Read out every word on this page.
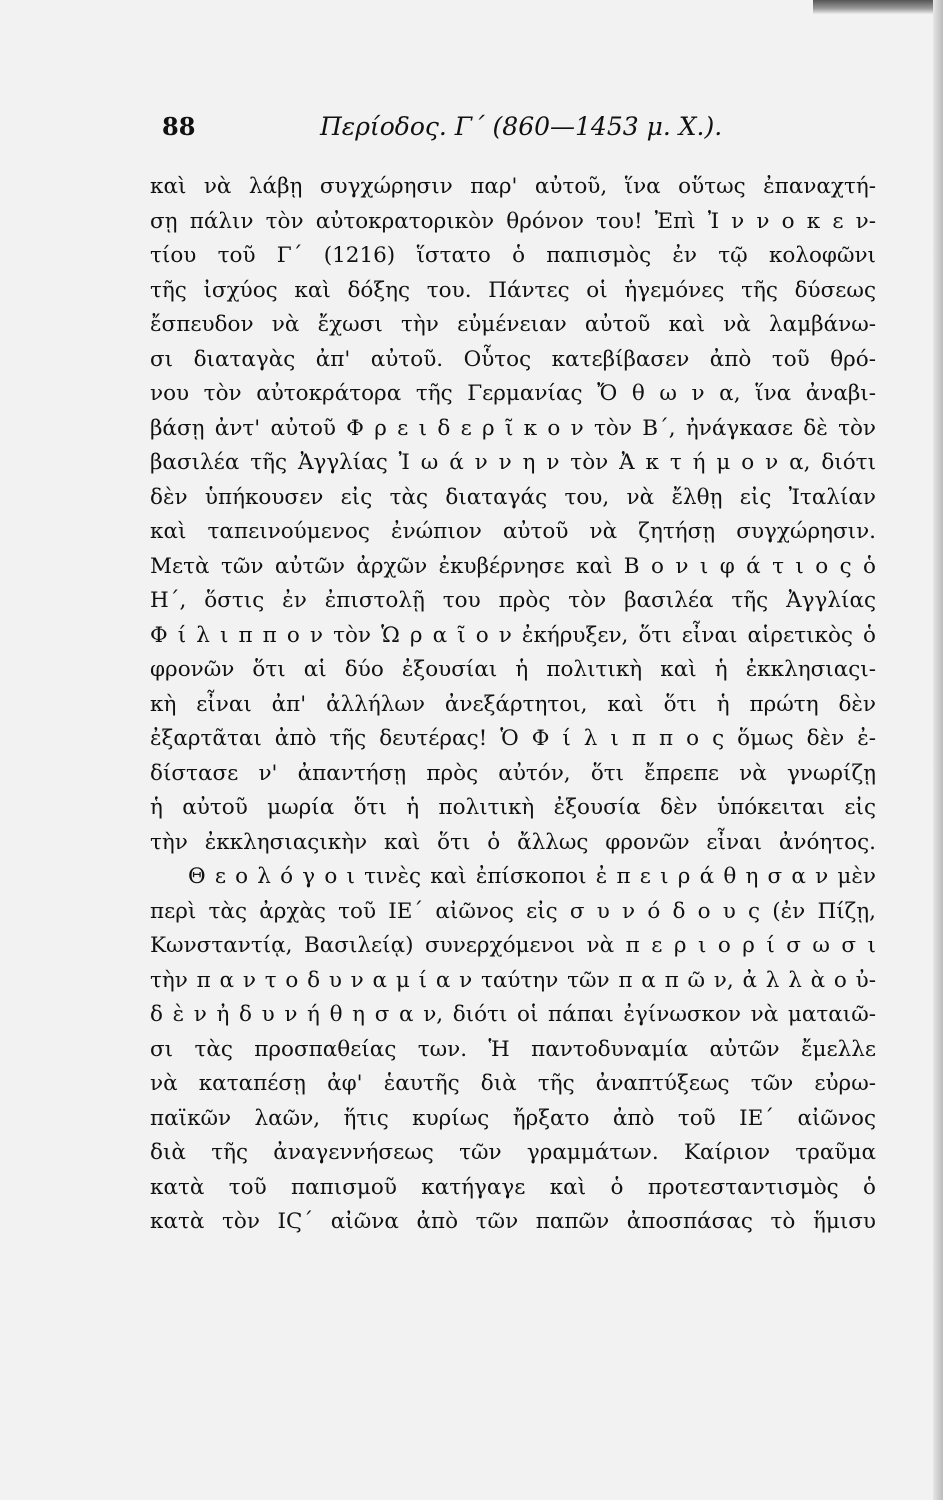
88	Περίοδος. Γ΄ (860—1453 μ. Χ.).
καὶ νὰ λάβῃ συγχώρησιν παρ' αὐτοῦ, ἵνα οὕτως ἐπαναχτή-
σῃ πάλιν τὸν αὐτοκρατορικὸν θρόνον του! Ἐπὶ Ἰ ν ν ο κ ε ν-
τίου τοῦ Γ΄ (1216) ἵστατο ὁ παπισμὸς ἐν τῷ κολοφῶνι
τῆς ἰσχύος καὶ δόξης του. Πάντες οἱ ἡγεμόνες τῆς δύσεως
ἔσπευδον νὰ ἔχωσι τὴν εὐμένειαν αὐτοῦ καὶ νὰ λαμβάνω-
σι διαταγὰς ἀπ' αὐτοῦ. Οὗτος κατεβίβασεν ἀπὸ τοῦ θρό-
νου τὸν αὐτοκράτορα τῆς Γερμανίας Ὄ θ ω ν α, ἵνα ἀναβι-
βάσῃ ἀντ' αὐτοῦ Φ ρ ε ι δ ε ρ ῖ κ ο ν τὸν Β΄, ἠνάγκασε δὲ τὸν
βασιλέα τῆς Ἀγγλίας Ἰ ω ά ν ν η ν τὸν Ἀ κ τ ή μ ο ν α, διότι
δὲν ὑπήκουσεν εἰς τὰς διαταγάς του, νὰ ἔλθῃ εἰς Ἰταλίαν
καὶ ταπεινούμενος ἐνώπιον αὐτοῦ νὰ ζητήσῃ συγχώρησιν.
Μετὰ τῶν αὐτῶν ἀρχῶν ἐκυβέρνησε καὶ Β ο ν ι φ ά τ ι ο ς ὁ
Η΄, ὅστις ἐν ἐπιστολῇ του πρὸς τὸν βασιλέα τῆς Ἀγγλίας
Φ ί λ ι π π ο ν τὸν Ὡ ρ α ῖ ο ν ἐκήρυξεν, ὅτι εἶναι αἱρετικὸς ὁ
φρονῶν ὅτι αἱ δύο ἐξουσίαι ἡ πολιτικὴ καὶ ἡ ἐκκλησιαςι-
κὴ εἶναι ἀπ' ἀλλήλων ἀνεξάρτητοι, καὶ ὅτι ἡ πρώτη δὲν
ἐξαρτᾶται ἀπὸ τῆς δευτέρας! Ὁ Φ ί λ ι π π ο ς ὅμως δὲν ἐ-
δίστασε ν' ἀπαντήσῃ πρὸς αὐτόν, ὅτι ἔπρεπε νὰ γνωρίζῃ
ἡ αὐτοῦ μωρία ὅτι ἡ πολιτικὴ ἐξουσία δὲν ὑπόκειται εἰς
τὴν ἐκκλησιαςικὴν καὶ ὅτι ὁ ἄλλως φρονῶν εἶναι ἀνόητος.
Θ ε ο λ ό γ ο ι τινὲς καὶ ἐπίσκοποι ἐ π ε ι ρ ά θ η σ α ν μὲν
περὶ τὰς ἀρχὰς τοῦ ΙΕ΄ αἰῶνος εἰς σ υ ν ό δ ο υ ς (ἐν Πίζῃ,
Κωνσταντίᾳ, Βασιλείᾳ) συνερχόμενοι νὰ π ε ρ ι ο ρ ί σ ω σ ι
τὴν π α ν τ ο δ υ ν α μ ί α ν ταύτην τῶν π α π ῶ ν, ἀ λ λ ὰ ο ὐ-
δ ὲ ν ἠ δ υ ν ή θ η σ α ν, διότι οἱ πάπαι ἐγίνωσκον νὰ ματαιῶ-
σι τὰς προσπαθείας των. Ἡ παντοδυναμία αὐτῶν ἔμελλε
νὰ καταπέσῃ ἀφ' ἑαυτῆς διὰ τῆς ἀναπτύξεως τῶν εὐρω-
παϊκῶν λαῶν, ἥτις κυρίως ἤρξατο ἀπὸ τοῦ ΙΕ΄ αἰῶνος
διὰ τῆς ἀναγεννήσεως τῶν γραμμάτων. Καίριον τραῦμα
κατὰ τοῦ παπισμοῦ κατήγαγε καὶ ὁ προτεσταντισμὸς ὁ
κατὰ τὸν ΙϚ΄ αἰῶνα ἀπὸ τῶν παπῶν ἀποσπάσας τὸ ἥμισυ
